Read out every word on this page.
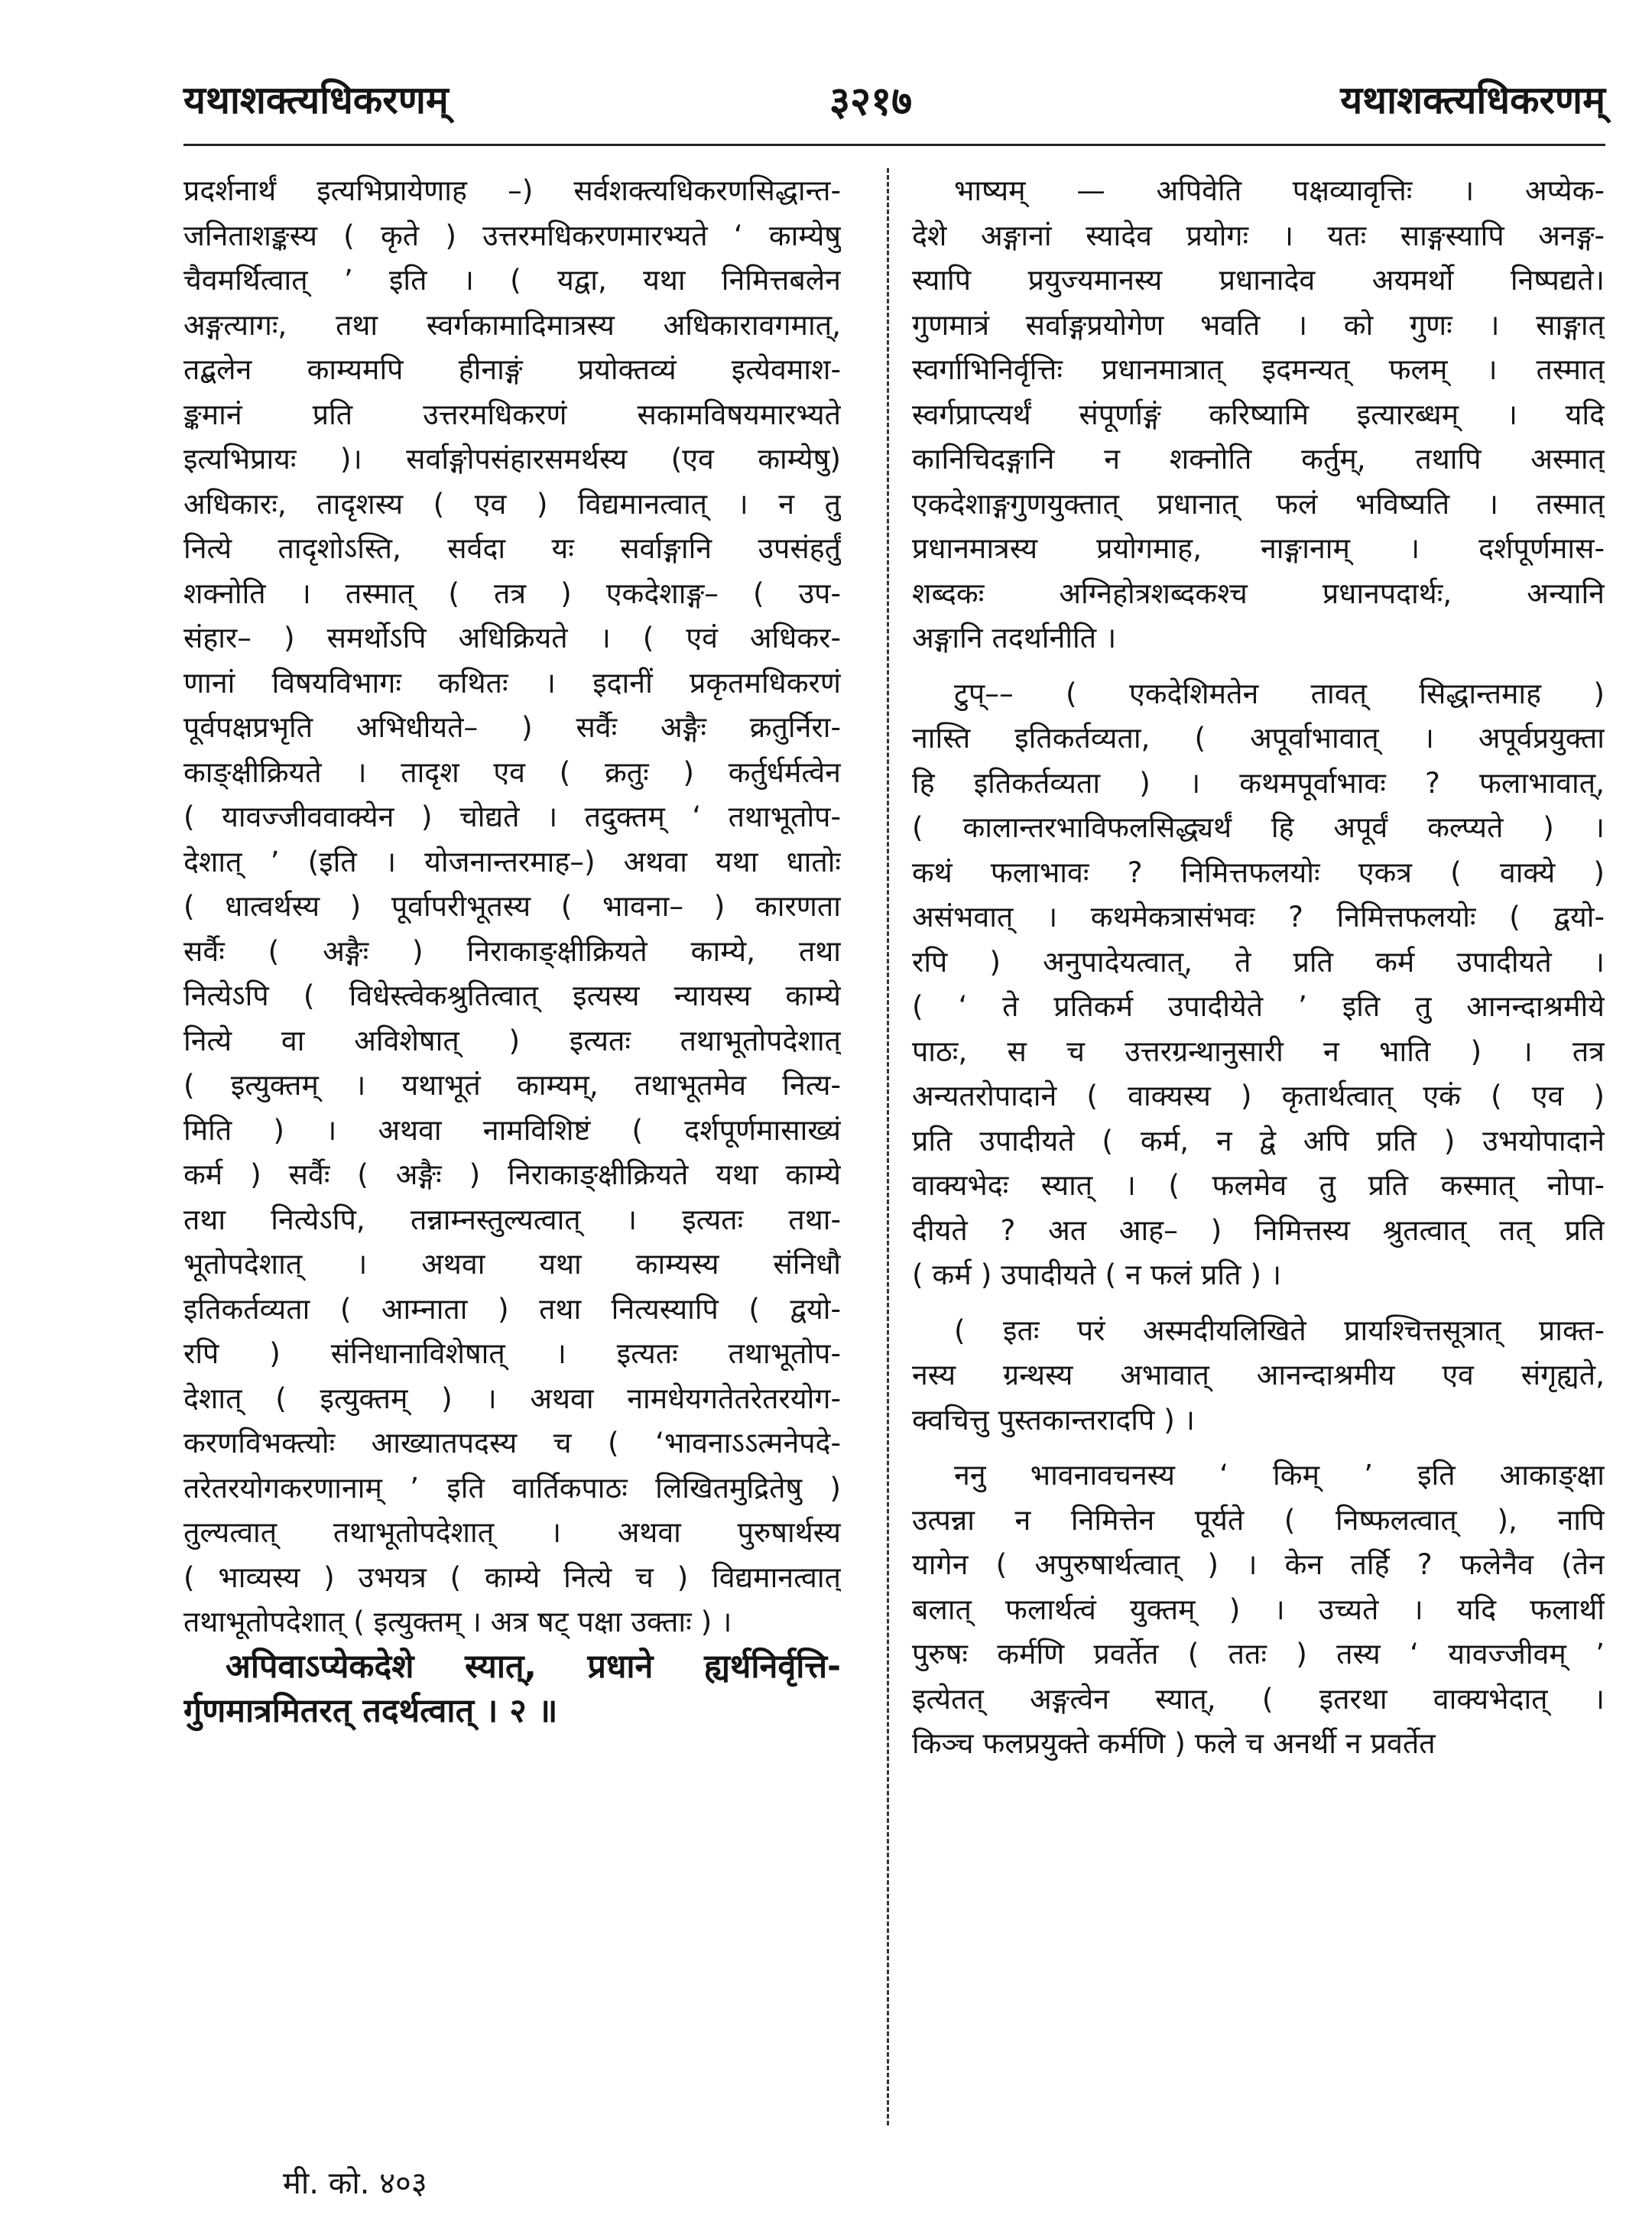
यथाशक्त्यधिकरणम्	३२१७	यथाशक्त्यधिकरणम्
प्रदर्शनार्थं इत्यभिप्रायेणाह –) सर्वशक्त्यधिकरणसिद्धान्त-
जनिताशङ्कस्य ( कृते ) उत्तरमधिकरणमारभ्यते ‘ काम्येषु
चैवमर्थित्वात् ’ इति । ( यद्वा, यथा निमित्तबलेन
अङ्गत्यागः, तथा स्वर्गकामादिमात्रस्य अधिकारावगमात्,
तद्बलेन काम्यमपि हीनाङ्गं प्रयोक्तव्यं इत्येवमाश-
ङ्कमानं प्रति उत्तरमधिकरणं सकामविषयमारभ्यते
इत्यभिप्रायः )। सर्वाङ्गोपसंहारसमर्थस्य (एव काम्येषु)
अधिकारः, तादृशस्य ( एव ) विद्यमानत्वात् । न तु
नित्ये तादृशोऽस्ति, सर्वदा यः सर्वाङ्गानि उपसंहर्तुं
शक्नोति । तस्मात् ( तत्र ) एकदेशाङ्ग– ( उप-
संहार– ) समर्थोऽपि अधिक्रियते । ( एवं अधिकर-
णानां विषयविभागः कथितः । इदानीं प्रकृतमधिकरणं
पूर्वपक्षप्रभृति अभिधीयते– ) सर्वैः अङ्गैः क्रतुर्निरा-
काङ्क्षीक्रियते । तादृश एव ( क्रतुः ) कर्तुर्धर्मत्वेन
( यावज्जीववाक्येन ) चोद्यते । तदुक्तम् ‘ तथाभूतोप-
देशात् ’ (इति । योजनान्तरमाह–) अथवा यथा धातोः
( धात्वर्थस्य ) पूर्वापरीभूतस्य ( भावना– ) कारणता
सर्वैः ( अङ्गैः ) निराकाङ्क्षीक्रियते काम्ये, तथा
नित्येऽपि ( विधेस्त्वेकश्रुतित्वात् इत्यस्य न्यायस्य काम्ये
नित्ये वा अविशेषात् ) इत्यतः तथाभूतोपदेशात्
( इत्युक्तम् । यथाभूतं काम्यम्, तथाभूतमेव नित्य-
मिति ) । अथवा नामविशिष्टं ( दर्शपूर्णमासाख्यं
कर्म ) सर्वैः ( अङ्गैः ) निराकाङ्क्षीक्रियते यथा काम्ये
तथा नित्येऽपि, तन्नाम्नस्तुल्यत्वात् । इत्यतः तथा-
भूतोपदेशात् । अथवा यथा काम्यस्य संनिधौ
इतिकर्तव्यता ( आम्नाता ) तथा नित्यस्यापि ( द्वयो-
रपि ) संनिधानाविशेषात् । इत्यतः तथाभूतोप-
देशात् ( इत्युक्तम् ) । अथवा नामधेयगतेतरेतरयोग-
करणविभक्त्योः आख्यातपदस्य च ( ‘भावनाऽऽत्मनेपदे-
तरेतरयोगकरणानाम् ’ इति वार्तिकपाठः लिखितमुद्रितेषु )
तुल्यत्वात् तथाभूतोपदेशात् । अथवा पुरुषार्थस्य
( भाव्यस्य ) उभयत्र ( काम्ये नित्ये च ) विद्यमानत्वात्
तथाभूतोपदेशात् ( इत्युक्तम् । अत्र षट् पक्षा उक्ताः ) ।
अपिवाऽप्येकदेशे स्यात्, प्रधाने ह्यर्थनिर्वृत्ति-
र्गुणमात्रमितरत् तदर्थत्वात् । २ ॥
भाष्यम् — अपिवेति पक्षव्यावृत्तिः । अप्येक-
देशे अङ्गानां स्यादेव प्रयोगः । यतः साङ्गस्यापि अनङ्ग-
स्यापि प्रयुज्यमानस्य प्रधानादेव अयमर्थो निष्पद्यते।
गुणमात्रं सर्वाङ्गप्रयोगेण भवति । को गुणः । साङ्गात्
स्वर्गाभिनिर्वृत्तिः प्रधानमात्रात् इदमन्यत् फलम् । तस्मात्
स्वर्गप्राप्त्यर्थं संपूर्णाङ्गं करिष्यामि इत्यारब्धम् । यदि
कानिचिदङ्गानि न शक्नोति कर्तुम्, तथापि अस्मात्
एकदेशाङ्गगुणयुक्तात् प्रधानात् फलं भविष्यति । तस्मात्
प्रधानमात्रस्य प्रयोगमाह, नाङ्गानाम् । दर्शपूर्णमास-
शब्दकः अग्निहोत्रशब्दकश्च प्रधानपदार्थः, अन्यानि
अङ्गानि तदर्थानीति ।
टुप्–– ( एकदेशिमतेन तावत् सिद्धान्तमाह )
नास्ति इतिकर्तव्यता, ( अपूर्वाभावात् । अपूर्वप्रयुक्ता
हि इतिकर्तव्यता ) । कथमपूर्वाभावः ? फलाभावात्,
( कालान्तरभाविफलसिद्ध्यर्थं हि अपूर्वं कल्प्यते ) ।
कथं फलाभावः ? निमित्तफलयोः एकत्र ( वाक्ये )
असंभवात् । कथमेकत्रासंभवः ? निमित्तफलयोः ( द्वयो-
रपि ) अनुपादेयत्वात्, ते प्रति कर्म उपादीयते ।
( ‘ ते प्रतिकर्म उपादीयेते ’ इति तु आनन्दाश्रमीये
पाठः, स च उत्तरग्रन्थानुसारी न भाति ) । तत्र
अन्यतरोपादाने ( वाक्यस्य ) कृतार्थत्वात् एकं ( एव )
प्रति उपादीयते ( कर्म, न द्वे अपि प्रति ) उभयोपादाने
वाक्यभेदः स्यात् । ( फलमेव तु प्रति कस्मात् नोपा-
दीयते ? अत आह– ) निमित्तस्य श्रुतत्वात् तत् प्रति
( कर्म ) उपादीयते ( न फलं प्रति ) ।
( इतः परं अस्मदीयलिखिते प्रायश्चित्तसूत्रात् प्राक्त-
नस्य ग्रन्थस्य अभावात् आनन्दाश्रमीय एव संगृह्यते,
क्वचित्तु पुस्तकान्तरादपि ) ।
ननु भावनावचनस्य ‘ किम् ’ इति आकाङ्क्षा
उत्पन्ना न निमित्तेन पूर्यते ( निष्फलत्वात् ), नापि
यागेन ( अपुरुषार्थत्वात् ) । केन तर्हि ? फलेनैव (तेन
बलात् फलार्थत्वं युक्तम् ) । उच्यते । यदि फलार्थी
पुरुषः कर्मणि प्रवर्तेत ( ततः ) तस्य ‘ यावज्जीवम् ’
इत्येतत् अङ्गत्वेन स्यात्, ( इतरथा वाक्यभेदात् ।
किञ्च फलप्रयुक्ते कर्मणि ) फले च अनर्थी न प्रवर्तेत
मी. को. ४०३
